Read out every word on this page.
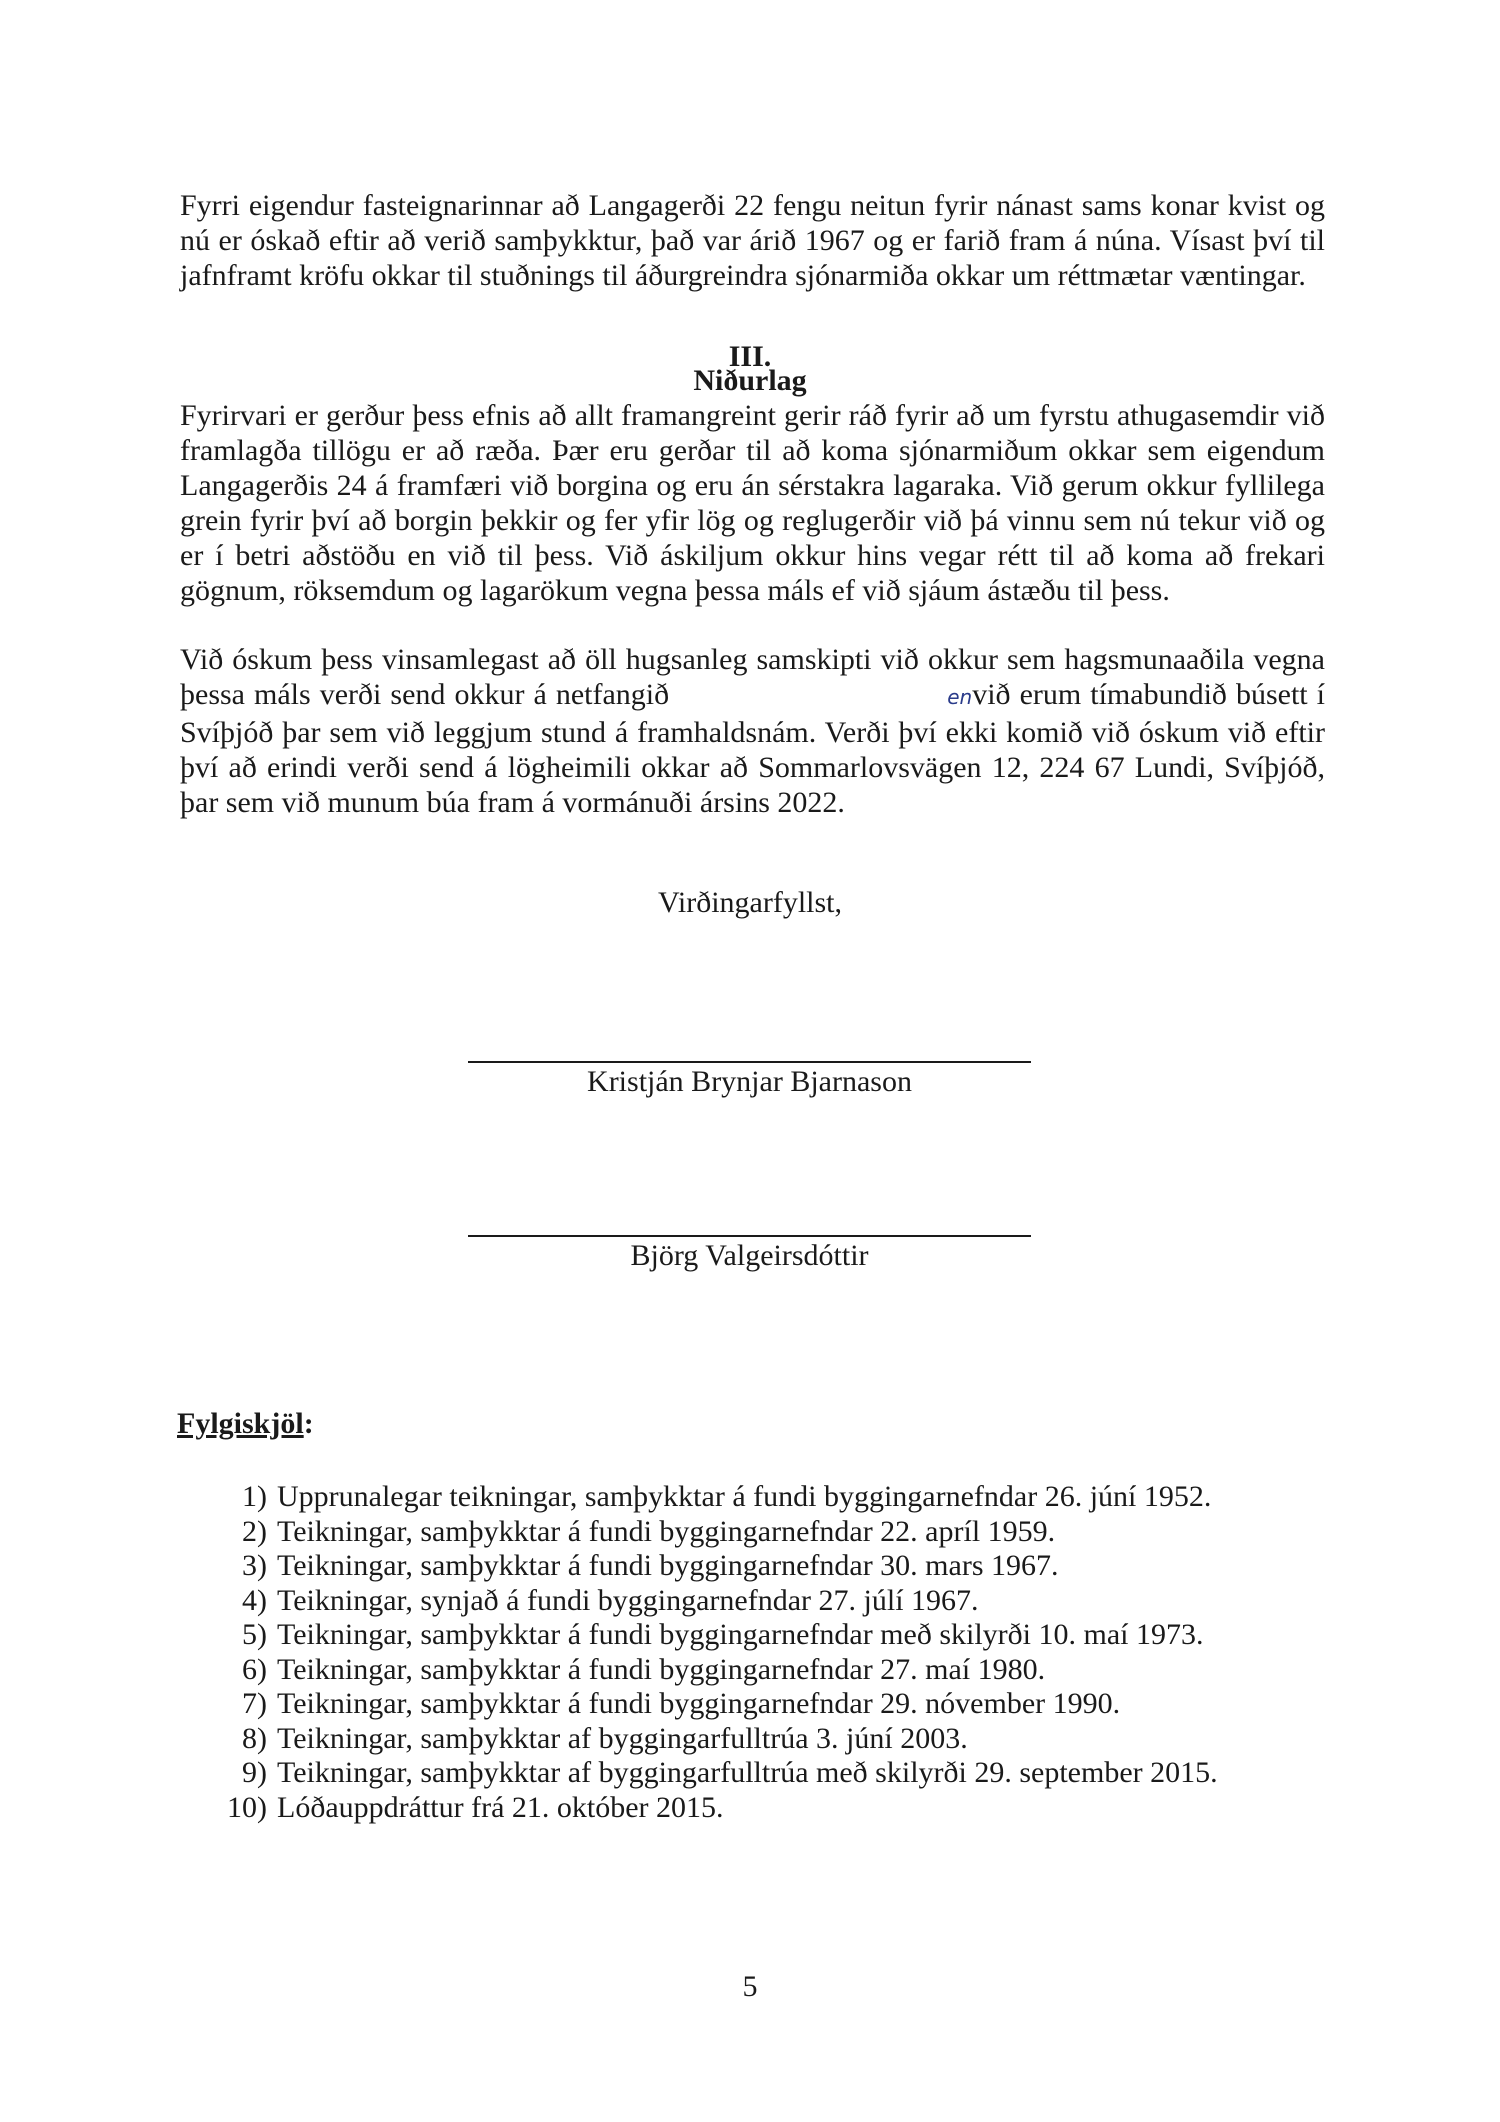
Fyrri eigendur fasteignarinnar að Langagerði 22 fengu neitun fyrir nánast sams konar kvist og nú er óskað eftir að verið samþykktur, það var árið 1967 og er farið fram á núna. Vísast því til jafnframt kröfu okkar til stuðnings til áðurgreindra sjónarmiða okkar um réttmætar væntingar.

III.
Niðurlag

Fyrirvari er gerður þess efnis að allt framangreint gerir ráð fyrir að um fyrstu athugasemdir við framlagða tillögu er að ræða. Þær eru gerðar til að koma sjónarmiðum okkar sem eigendum Langagerðis 24 á framfæri við borgina og eru án sérstakra lagaraka. Við gerum okkur fyllilega grein fyrir því að borgin þekkir og fer yfir lög og reglugerðir við þá vinnu sem nú tekur við og er í betri aðstöðu en við til þess. Við áskiljum okkur hins vegar rétt til að koma að frekari gögnum, röksemdum og lagarökum vegna þessa máls ef við sjáum ástæðu til þess.

Við óskum þess vinsamlegast að öll hugsanleg samskipti við okkur sem hagsmunaaðila vegna þessa máls verði send okkur á netfangið	envið erum tímabundið búsett í Svíþjóð þar sem við leggjum stund á framhaldsnám. Verði því ekki komið við óskum við eftir því að erindi verði send á lögheimili okkar að Sommarlovsvägen 12, 224 67 Lundi, Svíþjóð, þar sem við munum búa fram á vormánuði ársins 2022.

Virðingarfyllst,
Kristján Brynjar Bjarnason
Björg Valgeirsdóttir
Fylgiskjöl:
1) Upprunalegar teikningar, samþykktar á fundi byggingarnefndar 26. júní 1952.
2) Teikningar, samþykktar á fundi byggingarnefndar 22. apríl 1959.
3) Teikningar, samþykktar á fundi byggingarnefndar 30. mars 1967.
4) Teikningar, synjað á fundi byggingarnefndar 27. júlí 1967.
5) Teikningar, samþykktar á fundi byggingarnefndar með skilyrði 10. maí 1973.
6) Teikningar, samþykktar á fundi byggingarnefndar 27. maí 1980.
7) Teikningar, samþykktar á fundi byggingarnefndar 29. nóvember 1990.
8) Teikningar, samþykktar af byggingarfulltrúa 3. júní 2003.
9) Teikningar, samþykktar af byggingarfulltrúa með skilyrði 29. september 2015.
10) Lóðauppdráttur frá 21. október 2015.
5
